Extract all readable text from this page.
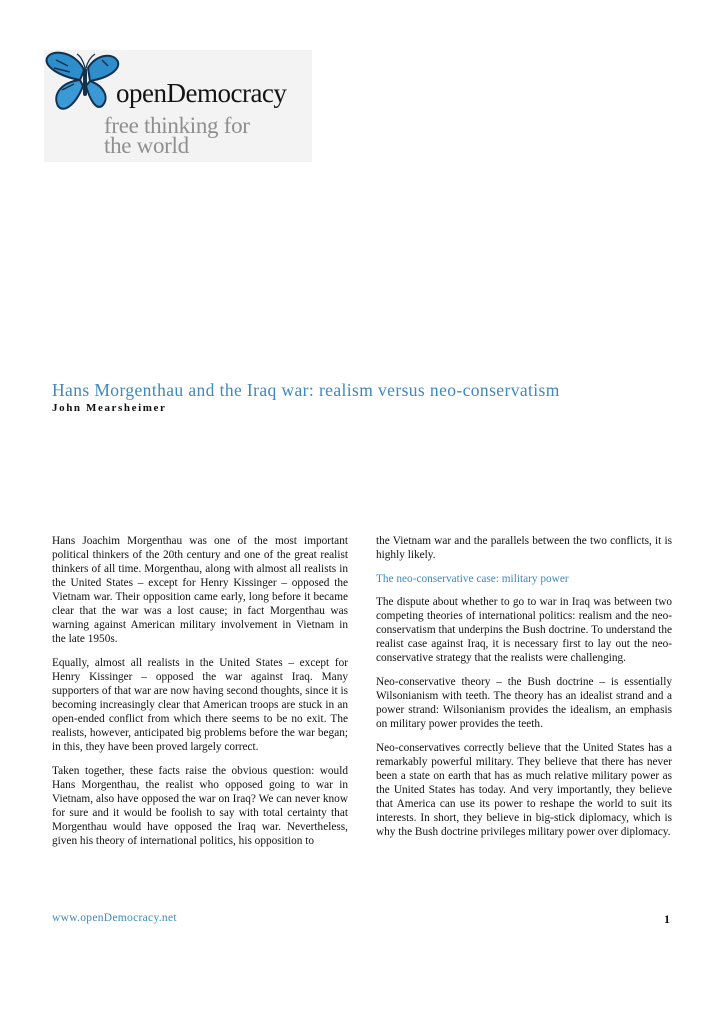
openDemocracy
free thinking for
the world
Hans Morgenthau and the Iraq war: realism versus neo-conservatism
John Mearsheimer

Hans Joachim Morgenthau was one of the most important political thinkers of the 20th century and one of the great realist thinkers of all time. Morgenthau, along with almost all realists in the United States – except for Henry Kissinger – opposed the Vietnam war. Their opposition came early, long before it became clear that the war was a lost cause; in fact Morgenthau was warning against American military involvement in Vietnam in the late 1950s.

Equally, almost all realists in the United States – except for Henry Kissinger – opposed the war against Iraq. Many supporters of that war are now having second thoughts, since it is becoming increasingly clear that American troops are stuck in an open-ended conflict from which there seems to be no exit. The realists, however, anticipated big problems before the war began; in this, they have been proved largely correct.

Taken together, these facts raise the obvious question: would Hans Morgenthau, the realist who opposed going to war in Vietnam, also have opposed the war on Iraq? We can never know for sure and it would be foolish to say with total certainty that Morgenthau would have opposed the Iraq war. Nevertheless, given his theory of international politics, his opposition to

the Vietnam war and the parallels between the two conflicts, it is highly likely.

The neo-conservative case: military power

The dispute about whether to go to war in Iraq was between two competing theories of international politics: realism and the neo-conservatism that underpins the Bush doctrine. To understand the realist case against Iraq, it is necessary first to lay out the neo-conservative strategy that the realists were challenging.

Neo-conservative theory – the Bush doctrine – is essentially Wilsonianism with teeth. The theory has an idealist strand and a power strand: Wilsonianism provides the idealism, an emphasis on military power provides the teeth.

Neo-conservatives correctly believe that the United States has a remarkably powerful military. They believe that there has never been a state on earth that has as much relative military power as the United States has today. And very importantly, they believe that America can use its power to reshape the world to suit its interests. In short, they believe in big-stick diplomacy, which is why the Bush doctrine privileges military power over diplomacy.

www.openDemocracy.net	1
